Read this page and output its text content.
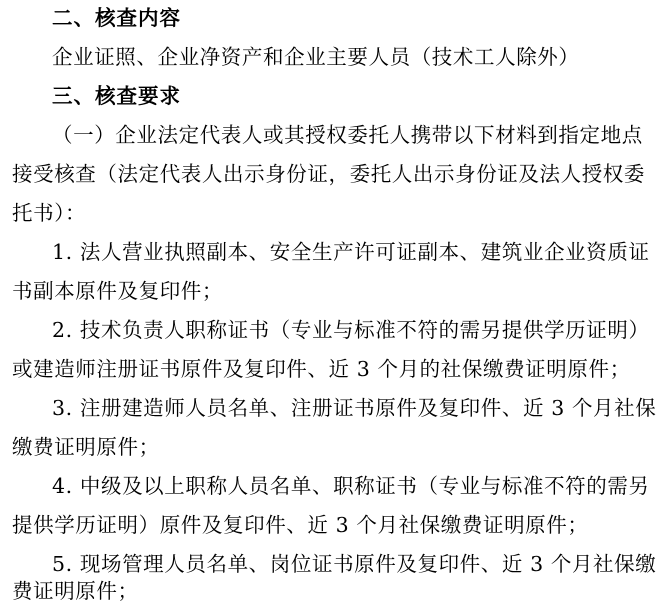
二、核查内容
企业证照、企业净资产和企业主要人员（技术工人除外）
三、核查要求
（一）企业法定代表人或其授权委托人携带以下材料到指定地点
接受核查（法定代表人出示身份证，委托人出示身份证及法人授权委
托书）：
1. 法人营业执照副本、安全生产许可证副本、建筑业企业资质证
书副本原件及复印件；
2. 技术负责人职称证书（专业与标准不符的需另提供学历证明）
或建造师注册证书原件及复印件、近 3 个月的社保缴费证明原件；
3. 注册建造师人员名单、注册证书原件及复印件、近 3 个月社保
缴费证明原件；
4. 中级及以上职称人员名单、职称证书（专业与标准不符的需另
提供学历证明）原件及复印件、近 3 个月社保缴费证明原件；
5. 现场管理人员名单、岗位证书原件及复印件、近 3 个月社保缴
费证明原件；
